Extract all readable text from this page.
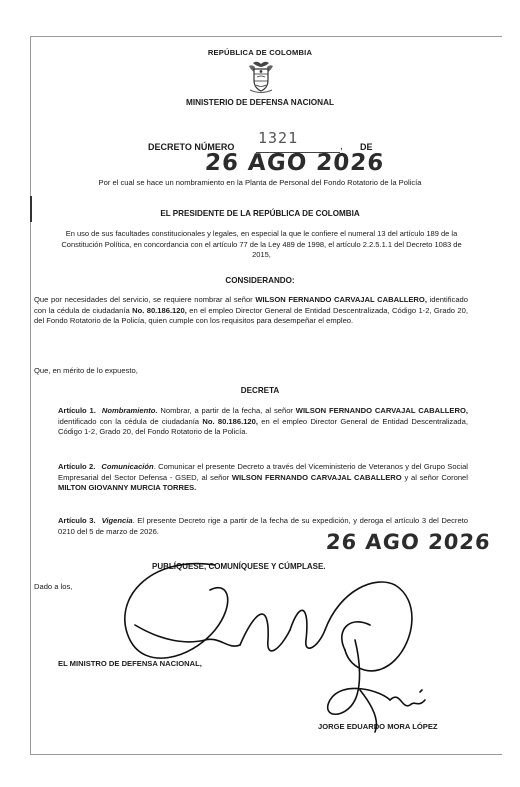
REPÚBLICA DE COLOMBIA
MINISTERIO DE DEFENSA NACIONAL
DECRETO NÚMERO 1321	, DE
26 AGO 2026
Por el cual se hace un nombramiento en la Planta de Personal del Fondo Rotatorio de la Policía
EL PRESIDENTE DE LA REPÚBLICA DE COLOMBIA
En uso de sus facultades constitucionales y legales, en especial la que le confiere el numeral 13 del artículo 189 de la Constitución Política, en concordancia con el artículo 77 de la Ley 489 de 1998, el artículo 2.2.5.1.1 del Decreto 1083 de 2015,
CONSIDERANDO:
Que por necesidades del servicio, se requiere nombrar al señor WILSON FERNANDO CARVAJAL CABALLERO, identificado con la cédula de ciudadanía No. 80.186.120, en el empleo Director General de Entidad Descentralizada, Código 1-2, Grado 20, del Fondo Rotatorio de la Policía, quien cumple con los requisitos para desempeñar el empleo.
Que, en mérito de lo expuesto,
DECRETA
Artículo 1. Nombramiento. Nombrar, a partir de la fecha, al señor WILSON FERNANDO CARVAJAL CABALLERO, identificado con la cédula de ciudadanía No. 80.186.120, en el empleo Director General de Entidad Descentralizada, Código 1-2, Grado 20, del Fondo Rotatorio de la Policía.
Artículo 2. Comunicación. Comunicar el presente Decreto a través del Viceministerio de Veteranos y del Grupo Social Empresarial del Sector Defensa - GSED, al señor WILSON FERNANDO CARVAJAL CABALLERO y al señor Coronel MILTON GIOVANNY MURCIA TORRES.
Artículo 3. Vigencia. El presente Decreto rige a partir de la fecha de su expedición, y deroga el artículo 3 del Decreto 0210 del 5 de marzo de 2026.	26 AGO 2026
PUBLÍQUESE, COMUNÍQUESE Y CÚMPLASE.
Dado a los,
EL MINISTRO DE DEFENSA NACIONAL,
JORGE EDUARDO MORA LÓPEZ
